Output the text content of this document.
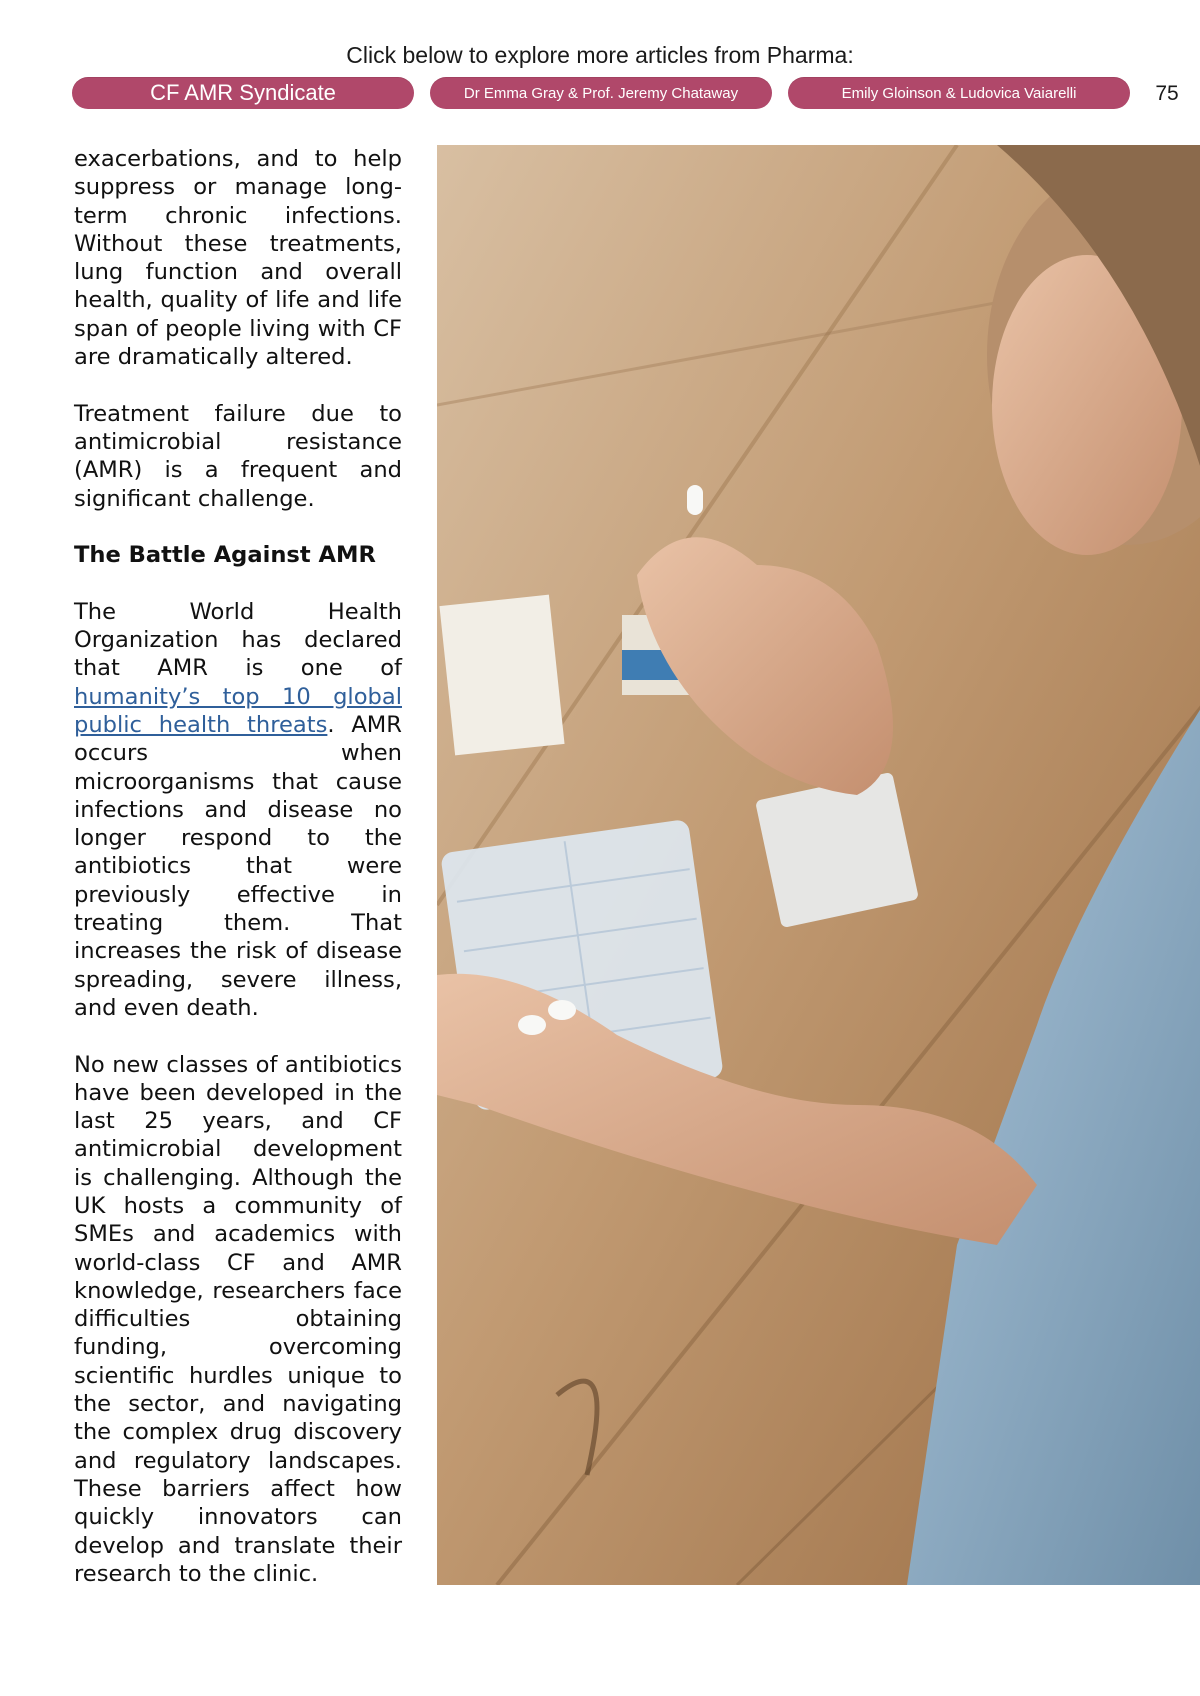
Click below to explore more articles from Pharma:
CF AMR Syndicate	Dr Emma Gray & Prof. Jeremy Chataway	Emily Gloinson & Ludovica Vaiarelli	75

exacerbations, and to help suppress or manage long-term chronic infections. Without these treatments, lung function and overall health, quality of life and life span of people living with CF are dramatically altered.

Treatment failure due to antimicrobial resistance (AMR) is a frequent and significant challenge.

The Battle Against AMR

The World Health Organization has declared that AMR is one of humanity’s top 10 global public health threats. AMR occurs when microorganisms that cause infections and disease no longer respond to the antibiotics that were previously effective in treating them. That increases the risk of disease spreading, severe illness, and even death.

No new classes of antibiotics have been developed in the last 25 years, and CF antimicrobial development is challenging. Although the UK hosts a community of SMEs and academics with world-class CF and AMR knowledge, researchers face difficulties obtaining funding, overcoming scientific hurdles unique to the sector, and navigating the complex drug discovery and regulatory landscapes. These barriers affect how quickly innovators can develop and translate their research to the clinic.
